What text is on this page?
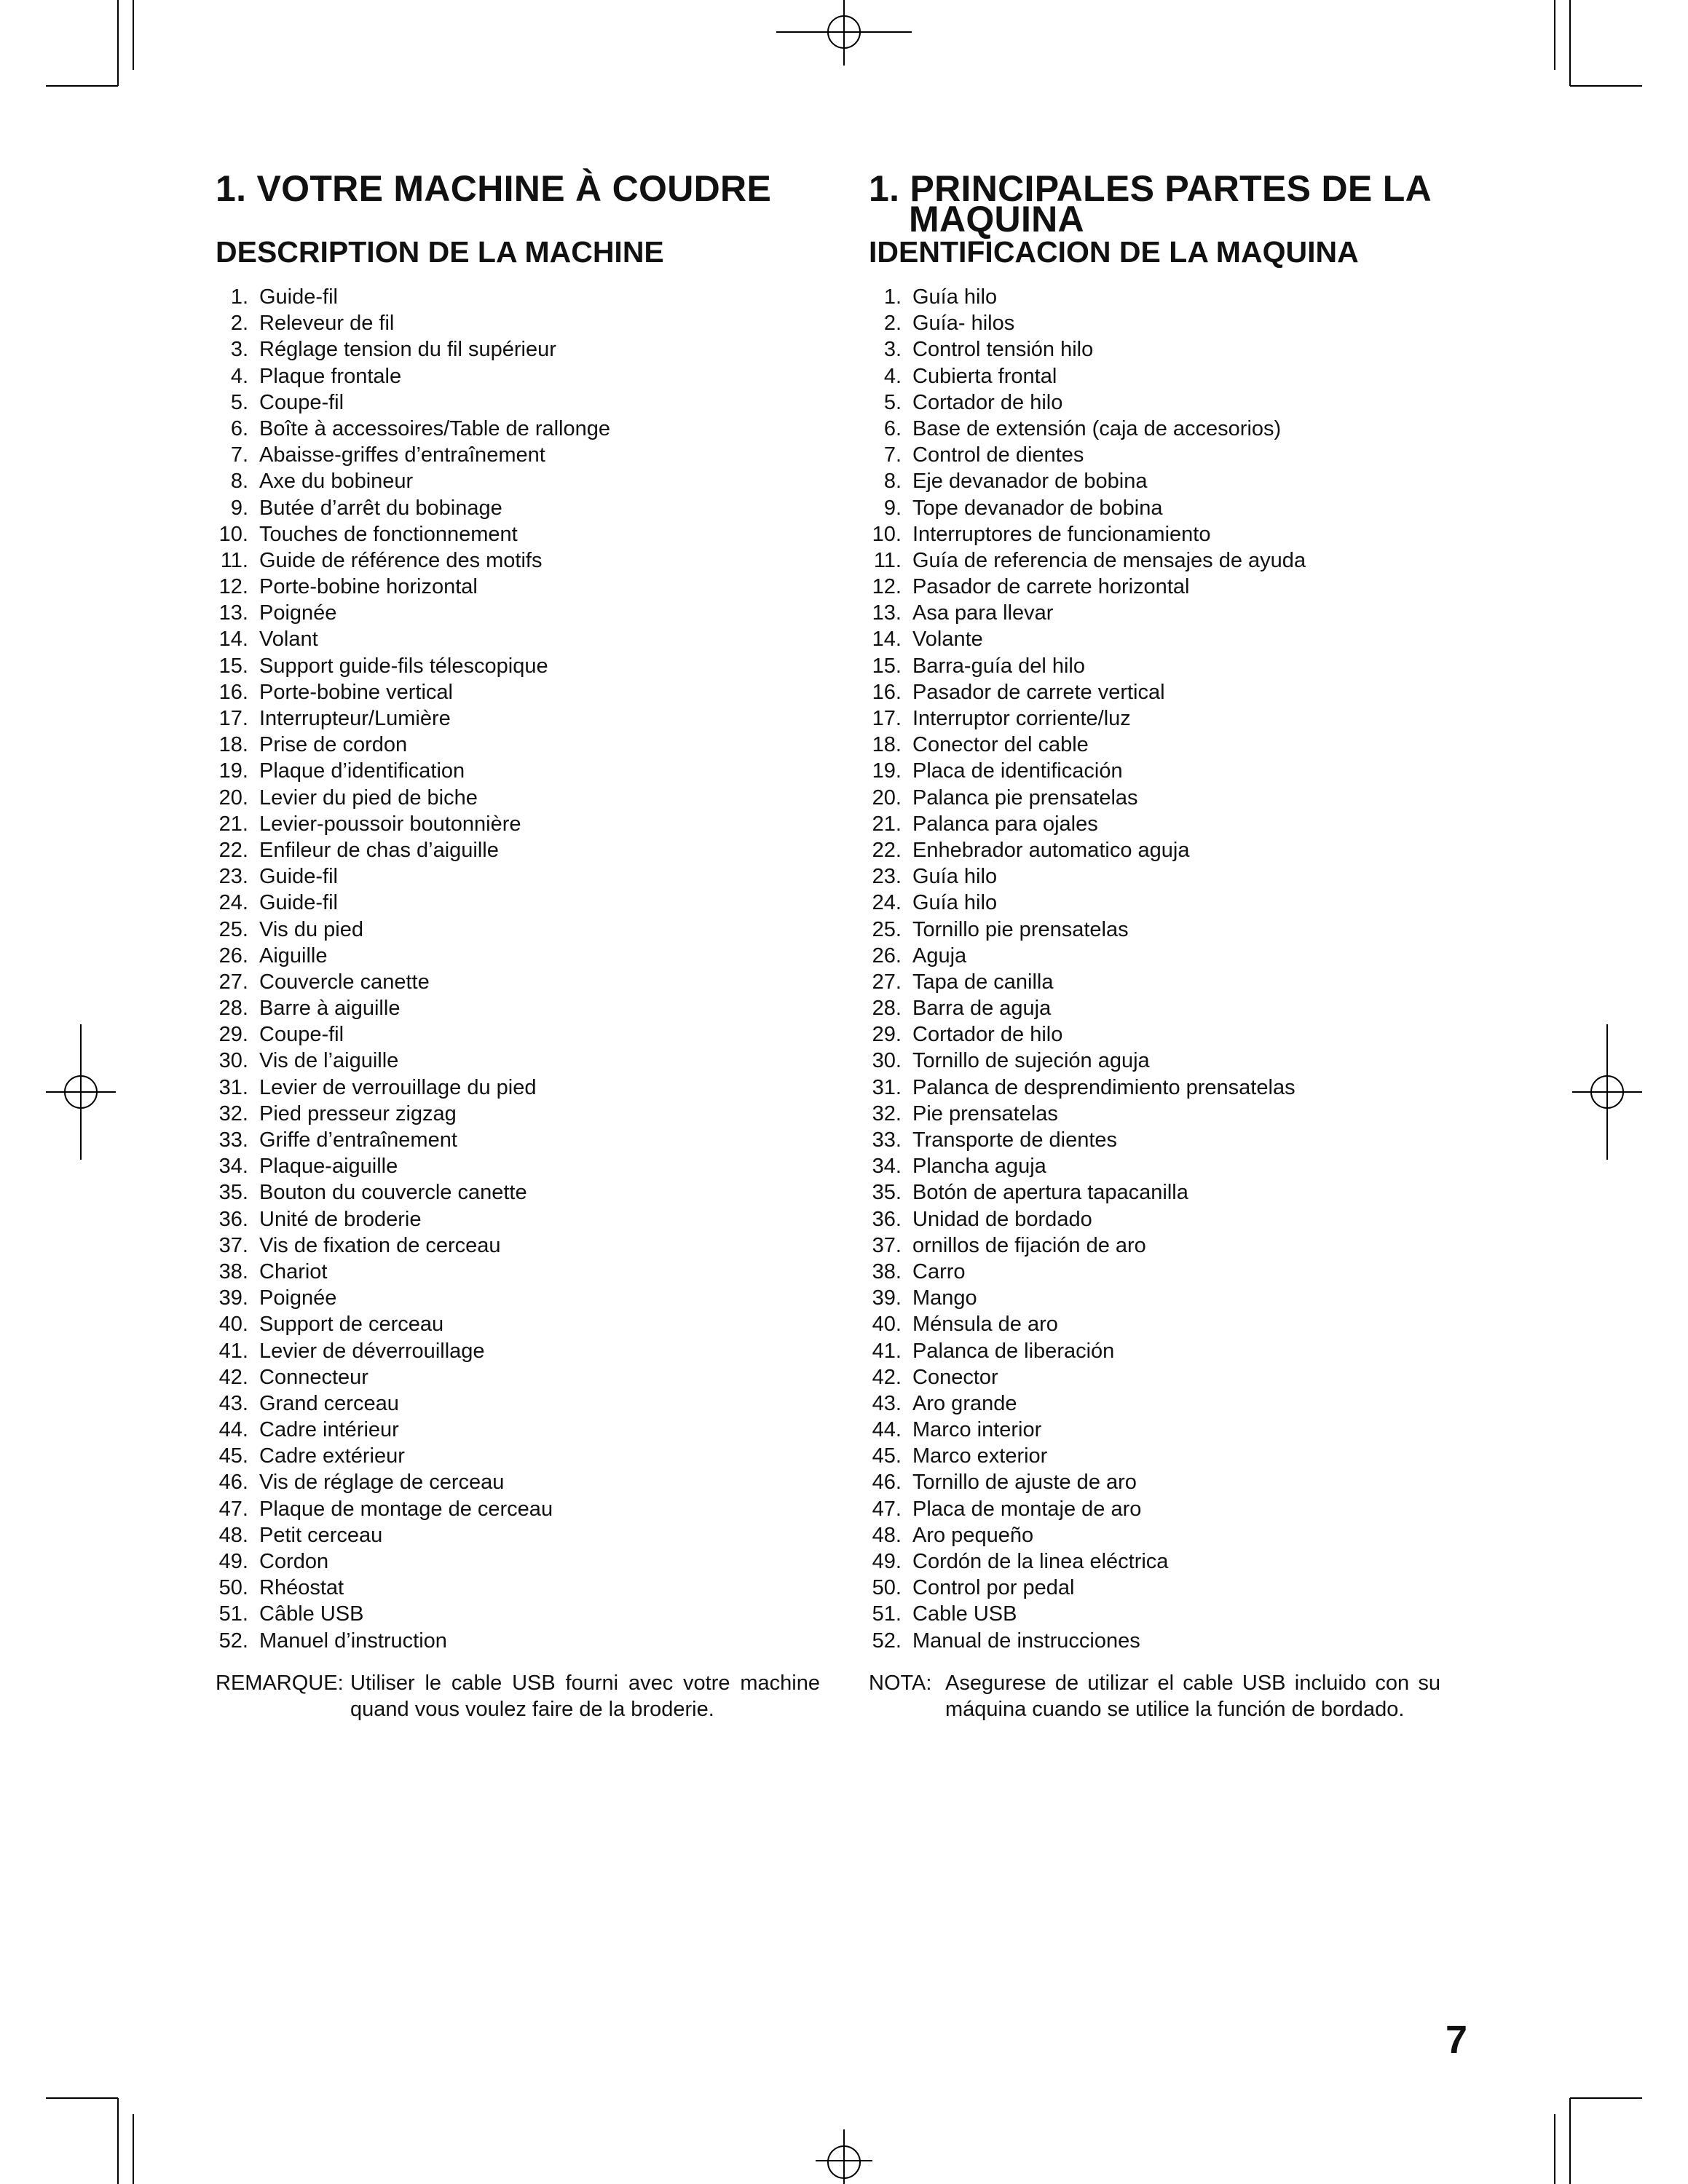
1. VOTRE MACHINE À COUDRE
DESCRIPTION DE LA MACHINE
1. Guide-fil
2. Releveur de fil
3. Réglage tension du fil supérieur
4. Plaque frontale
5. Coupe-fil
6. Boîte à accessoires/Table de rallonge
7. Abaisse-griffes d’entraînement
8. Axe du bobineur
9. Butée d’arrêt du bobinage
10. Touches de fonctionnement
11. Guide de référence des motifs
12. Porte-bobine horizontal
13. Poignée
14. Volant
15. Support guide-fils télescopique
16. Porte-bobine vertical
17. Interrupteur/Lumière
18. Prise de cordon
19. Plaque d’identification
20. Levier du pied de biche
21. Levier-poussoir boutonnière
22. Enfileur de chas d’aiguille
23. Guide-fil
24. Guide-fil
25. Vis du pied
26. Aiguille
27. Couvercle canette
28. Barre à aiguille
29. Coupe-fil
30. Vis de l’aiguille
31. Levier de verrouillage du pied
32. Pied presseur zigzag
33. Griffe d’entraînement
34. Plaque-aiguille
35. Bouton du couvercle canette
36. Unité de broderie
37. Vis de fixation de cerceau
38. Chariot
39. Poignée
40. Support de cerceau
41. Levier de déverrouillage
42. Connecteur
43. Grand cerceau
44. Cadre intérieur
45. Cadre extérieur
46. Vis de réglage de cerceau
47. Plaque de montage de cerceau
48. Petit cerceau
49. Cordon
50. Rhéostat
51. Câble USB
52. Manuel d’instruction
REMARQUE: Utiliser le cable USB fourni avec votre machine quand vous voulez faire de la broderie.
1. PRINCIPALES PARTES DE LA
MAQUINA
IDENTIFICACION DE LA MAQUINA
1. Guía hilo
2. Guía- hilos
3. Control tensión hilo
4. Cubierta frontal
5. Cortador de hilo
6. Base de extensión (caja de accesorios)
7. Control de dientes
8. Eje devanador de bobina
9. Tope devanador de bobina
10. Interruptores de funcionamiento
11. Guía de referencia de mensajes de ayuda
12. Pasador de carrete horizontal
13. Asa para llevar
14. Volante
15. Barra-guía del hilo
16. Pasador de carrete vertical
17. Interruptor corriente/luz
18. Conector del cable
19. Placa de identificación
20. Palanca pie prensatelas
21. Palanca para ojales
22. Enhebrador automatico aguja
23. Guía hilo
24. Guía hilo
25. Tornillo pie prensatelas
26. Aguja
27. Tapa de canilla
28. Barra de aguja
29. Cortador de hilo
30. Tornillo de sujeción aguja
31. Palanca de desprendimiento prensatelas
32. Pie prensatelas
33. Transporte de dientes
34. Plancha aguja
35. Botón de apertura tapacanilla
36. Unidad de bordado
37. ornillos de fijación de aro
38. Carro
39. Mango
40. Ménsula de aro
41. Palanca de liberación
42. Conector
43. Aro grande
44. Marco interior
45. Marco exterior
46. Tornillo de ajuste de aro
47. Placa de montaje de aro
48. Aro pequeño
49. Cordón de la linea eléctrica
50. Control por pedal
51. Cable USB
52. Manual de instrucciones
NOTA: Asegurese de utilizar el cable USB incluido con su máquina cuando se utilice la función de bordado.
7
